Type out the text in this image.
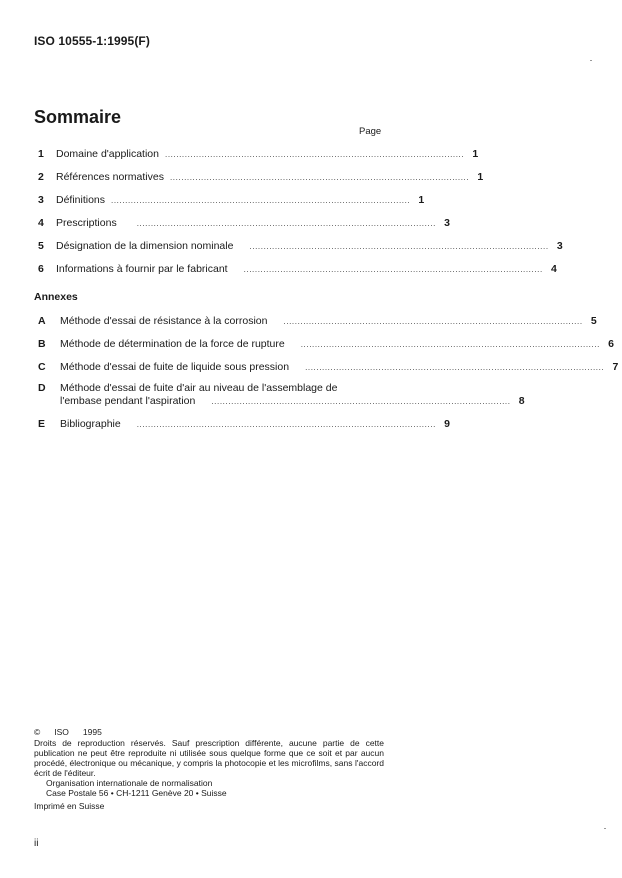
ISO 10555-1:1995(F)
Sommaire
Page
1	Domaine d'application .......................................................................................................... 1
2	Références normatives .......................................................................................................... 1
3	Définitions .......................................................................................................... 1
4	Prescriptions	.......................................................................................................... 3
5	Désignation de la dimension nominale	.......................................................................................................... 3
6	Informations à fournir par le fabricant	.......................................................................................................... 4
Annexes
A	Méthode d'essai de résistance à la corrosion	.......................................................................................................... 5
B	Méthode de détermination de la force de rupture	.......................................................................................................... 6
C	Méthode d'essai de fuite de liquide sous pression	.......................................................................................................... 7
D Méthode d'essai de fuite d'air au niveau de l'assemblage de
l'embase pendant l'aspiration	.......................................................................................................... 8
E	Bibliographie	.......................................................................................................... 9
© ISO 1995
Droits de reproduction réservés. Sauf prescription différente, aucune partie de cette publication ne peut être reproduite ni utilisée sous quelque forme que ce soit et par aucun procédé, électronique ou mécanique, y compris la photocopie et les microfilms, sans l'accord écrit de l'éditeur.
Organisation internationale de normalisation
Case Postale 56 • CH-1211 Genève 20 • Suisse
Imprimé en Suisse
ii
